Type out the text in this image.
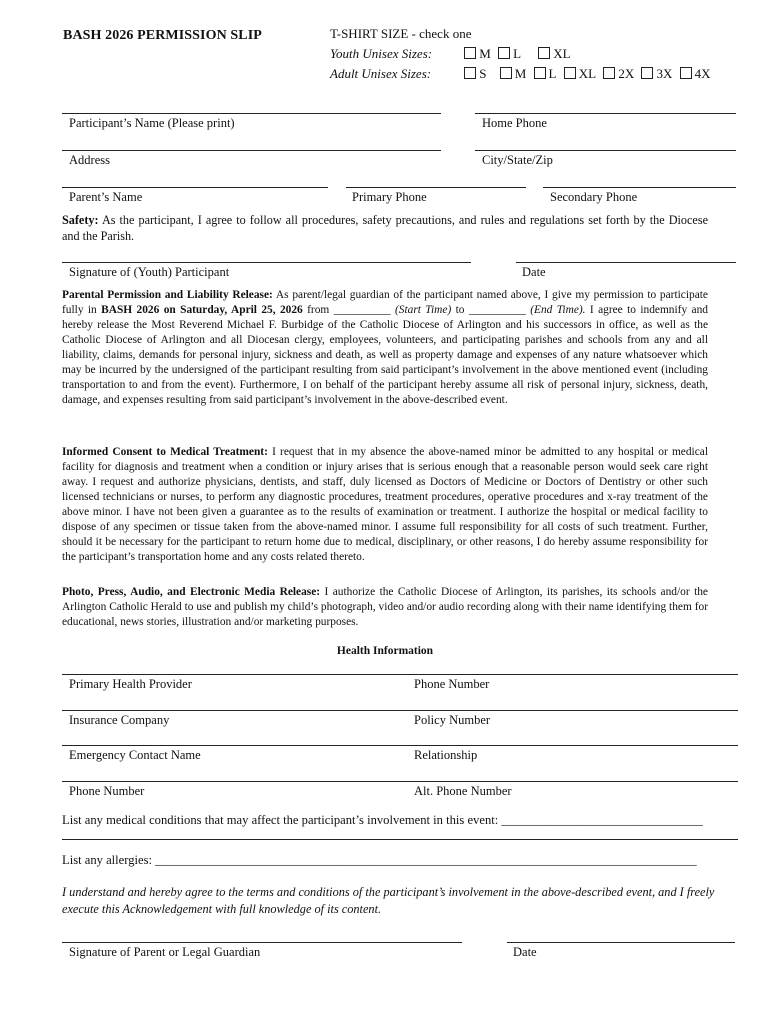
BASH 2026 PERMISSION SLIP	T-SHIRT SIZE - check one
Youth Unisex Sizes:	M L XL
Adult Unisex Sizes:	S M L XL 2X 3X 4X
Participant’s Name (Please print)	Home Phone
Address	City/State/Zip
Parent’s Name	Primary Phone	Secondary Phone
Safety: As the participant, I agree to follow all procedures, safety precautions, and rules and regulations set forth by the Diocese and the Parish.
Signature of (Youth) Participant	Date
Parental Permission and Liability Release: As parent/legal guardian of the participant named above, I give my permission to participate fully in BASH 2026 on Saturday, April 25, 2026 from __________ (Start Time) to __________ (End Time). I agree to indemnify and hereby release the Most Reverend Michael F. Burbidge of the Catholic Diocese of Arlington and his successors in office, as well as the Catholic Diocese of Arlington and all Diocesan clergy, employees, volunteers, and participating parishes and schools from any and all liability, claims, demands for personal injury, sickness and death, as well as property damage and expenses of any nature whatsoever which may be incurred by the undersigned of the participant resulting from said participant’s involvement in the above mentioned event (including transportation to and from the event). Furthermore, I on behalf of the participant hereby assume all risk of personal injury, sickness, death, damage, and expenses resulting from said participant’s involvement in the above-described event.
Informed Consent to Medical Treatment: I request that in my absence the above-named minor be admitted to any hospital or medical facility for diagnosis and treatment when a condition or injury arises that is serious enough that a reasonable person would seek care right away. I request and authorize physicians, dentists, and staff, duly licensed as Doctors of Medicine or Doctors of Dentistry or other such licensed technicians or nurses, to perform any diagnostic procedures, treatment procedures, operative procedures and x-ray treatment of the above minor. I have not been given a guarantee as to the results of examination or treatment. I authorize the hospital or medical facility to dispose of any specimen or tissue taken from the above-named minor. I assume full responsibility for all costs of such treatment. Further, should it be necessary for the participant to return home due to medical, disciplinary, or other reasons, I do hereby assume responsibility for the participant’s transportation home and any costs related thereto.
Photo, Press, Audio, and Electronic Media Release: I authorize the Catholic Diocese of Arlington, its parishes, its schools and/or the Arlington Catholic Herald to use and publish my child’s photograph, video and/or audio recording along with their name identifying them for educational, news stories, illustration and/or marketing purposes.
Health Information
Primary Health Provider	Phone Number
Insurance Company	Policy Number
Emergency Contact Name	Relationship
Phone Number	Alt. Phone Number
List any medical conditions that may affect the participant’s involvement in this event: ________________________________
List any allergies: ______________________________________________________________________________________
I understand and hereby agree to the terms and conditions of the participant’s involvement in the above-described event, and I freely execute this Acknowledgement with full knowledge of its content.
Signature of Parent or Legal Guardian	Date
